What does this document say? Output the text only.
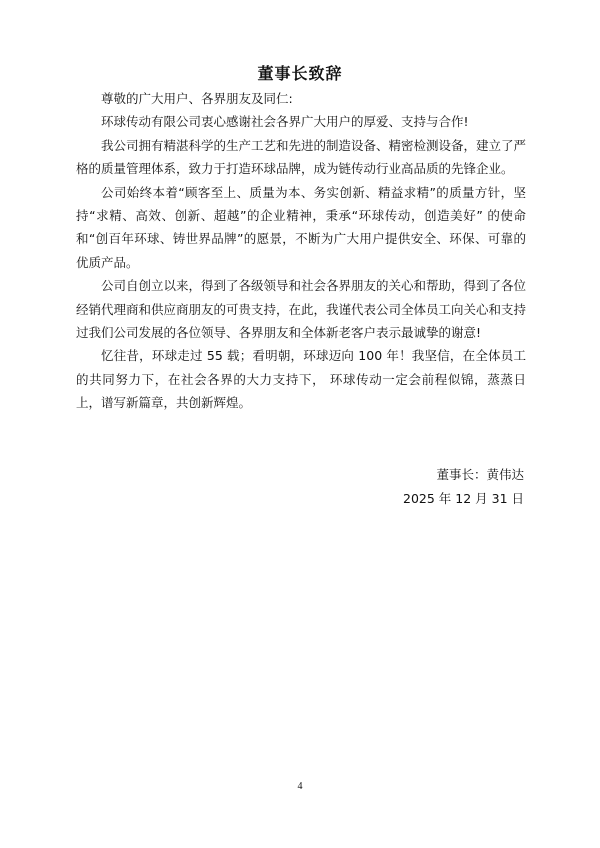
董事长致辞

尊敬的广大用户、各界朋友及同仁:

环球传动有限公司衷心感谢社会各界广大用户的厚爱、支持与合作!

我公司拥有精湛科学的生产工艺和先进的制造设备、精密检测设备，建立了严格的质量管理体系，致力于打造环球品牌，成为链传动行业高品质的先锋企业。

公司始终本着“顾客至上、质量为本、务实创新、精益求精”的质量方针，坚持“求精、高效、创新、超越”的企业精神，秉承“环球传动，创造美好” 的使命和“创百年环球、铸世界品牌”的愿景，不断为广大用户提供安全、环保、可靠的优质产品。

公司自创立以来，得到了各级领导和社会各界朋友的关心和帮助，得到了各位经销代理商和供应商朋友的可贵支持，在此，我谨代表公司全体员工向关心和支持过我们公司发展的各位领导、各界朋友和全体新老客户表示最诚挚的谢意!

忆往昔，环球走过 55 载；看明朝，环球迈向 100 年！我坚信，在全体员工的共同努力下，在社会各界的大力支持下， 环球传动一定会前程似锦，蒸蒸日上，谱写新篇章，共创新辉煌。

董事长：黄伟达
2025 年 12 月 31 日
4
